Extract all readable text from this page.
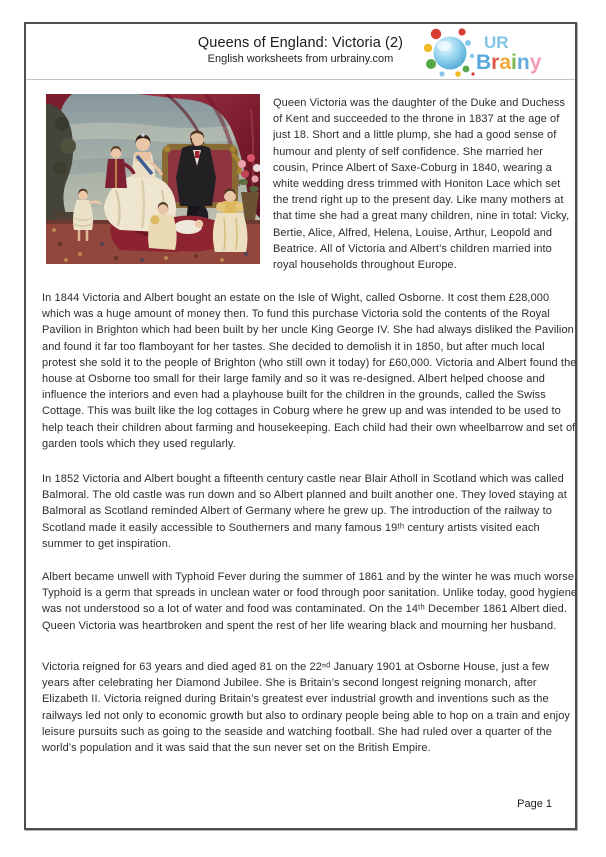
Queens of England: Victoria (2)
English worksheets from urbrainy.com
UR
Brainy

Queen Victoria was the daughter of the Duke and Duchess of Kent and succeeded to the throne in 1837 at the age of just 18. Short and a little plump, she had a good sense of humour and plenty of self confidence. She married her cousin, Prince Albert of Saxe-Coburg in 1840, wearing a white wedding dress trimmed with Honiton Lace which set the trend right up to the present day. Like many mothers at that time she had a great many children, nine in total: Vicky, Bertie, Alice, Alfred, Helena, Louise, Arthur, Leopold and Beatrice. All of Victoria and Albert’s children married into royal households throughout Europe.

In 1844 Victoria and Albert bought an estate on the Isle of Wight, called Osborne. It cost them £28,000 which was a huge amount of money then. To fund this purchase Victoria sold the contents of the Royal Pavilion in Brighton which had been built by her uncle King George IV. She had always disliked the Pavilion and found it far too flamboyant for her tastes. She decided to demolish it in 1850, but after much local protest she sold it to the people of Brighton (who still own it today) for £60,000. Victoria and Albert found the house at Osborne too small for their large family and so it was re-designed. Albert helped choose and influence the interiors and even had a playhouse built for the children in the grounds, called the Swiss Cottage. This was built like the log cottages in Coburg where he grew up and was intended to be used to help teach their children about farming and housekeeping. Each child had their own wheelbarrow and set of garden tools which they used regularly.

In 1852 Victoria and Albert bought a fifteenth century castle near Blair Atholl in Scotland which was called Balmoral. The old castle was run down and so Albert planned and built another one. They loved staying at Balmoral as Scotland reminded Albert of Germany where he grew up. The introduction of the railway to Scotland made it easily accessible to Southerners and many famous 19ᵗʰ century artists visited each summer to get inspiration.

Albert became unwell with Typhoid Fever during the summer of 1861 and by the winter he was much worse. Typhoid is a germ that spreads in unclean water or food through poor sanitation. Unlike today, good hygiene was not understood so a lot of water and food was contaminated. On the 14ᵗʰ December 1861 Albert died. Queen Victoria was heartbroken and spent the rest of her life wearing black and mourning her husband.

Victoria reigned for 63 years and died aged 81 on the 22ⁿᵈ January 1901 at Osborne House, just a few years after celebrating her Diamond Jubilee. She is Britain’s second longest reigning monarch, after Elizabeth II. Victoria reigned during Britain’s greatest ever industrial growth and inventions such as the railways led not only to economic growth but also to ordinary people being able to hop on a train and enjoy leisure pursuits such as going to the seaside and watching football. She had ruled over a quarter of the world’s population and it was said that the sun never set on the British Empire.

Page 1
